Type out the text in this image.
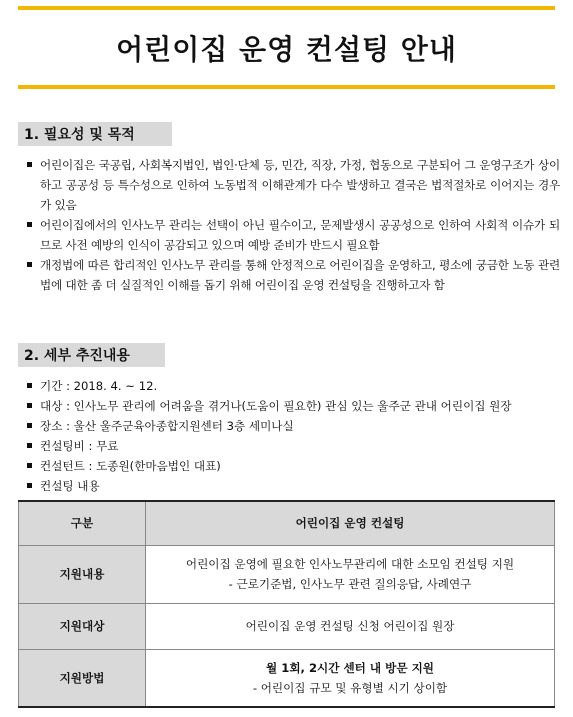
어린이집 운영 컨설팅 안내
1. 필요성 및 목적
어린이집은 국공립, 사회복지법인, 법인·단체 등, 민간, 직장, 가정, 협동으로 구분되어 그 운영구조가 상이하고 공공성 등 특수성으로 인하여 노동법적 이해관계가 다수 발생하고 결국은 법적절차로 이어지는 경우가 있음
어린이집에서의 인사노무 관리는 선택이 아닌 필수이고, 문제발생시 공공성으로 인하여 사회적 이슈가 되므로 사전 예방의 인식이 공감되고 있으며 예방 준비가 반드시 필요함
개정법에 따른 합리적인 인사노무 관리를 통해 안정적으로 어린이집을 운영하고, 평소에 궁금한 노동 관련법에 대한 좀 더 실질적인 이해를 돕기 위해 어린이집 운영 컨설팅을 진행하고자 함
2. 세부 추진내용
기간 : 2018. 4. ~ 12.
대상 : 인사노무 관리에 어려움을 겪거나(도움이 필요한) 관심 있는 울주군 관내 어린이집 원장
장소 : 울산 울주군육아종합지원센터 3층 세미나실
컨설팅비 : 무료
컨설턴트 : 도종원(한마음법인 대표)
컨설팅 내용
구분	어린이집 운영 컨설팅
지원내용	어린이집 운영에 필요한 인사노무관리에 대한 소모임 컨설팅 지원
- 근로기준법, 인사노무 관련 질의응답, 사례연구

지원대상	어린이집 운영 컨설팅 신청 어린이집 원장

지원방법	월 1회, 2시간 센터 내 방문 지원
- 어린이집 규모 및 유형별 시기 상이함
